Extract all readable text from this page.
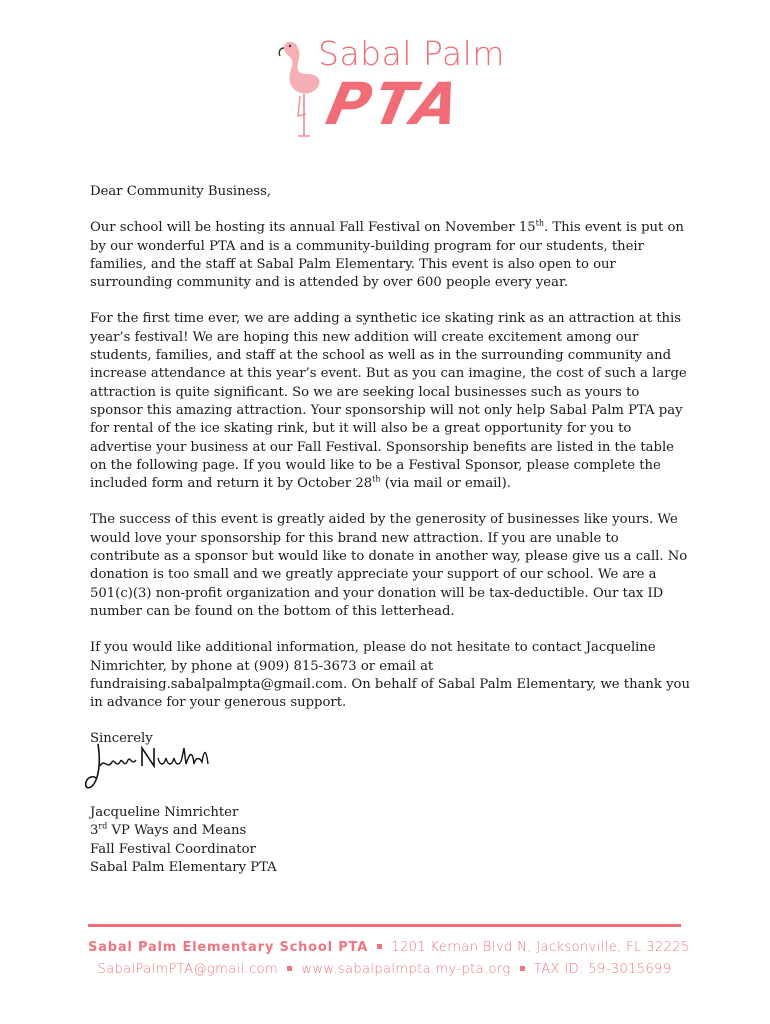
Sabal Palm
PTA

Dear Community Business,

Our school will be hosting its annual Fall Festival on November 15th. This event is put on by our wonderful PTA and is a community-building program for our students, their families, and the staff at Sabal Palm Elementary. This event is also open to our surrounding community and is attended by over 600 people every year.

For the first time ever, we are adding a synthetic ice skating rink as an attraction at this year’s festival! We are hoping this new addition will create excitement among our students, families, and staff at the school as well as in the surrounding community and increase attendance at this year’s event. But as you can imagine, the cost of such a large attraction is quite significant. So we are seeking local businesses such as yours to sponsor this amazing attraction. Your sponsorship will not only help Sabal Palm PTA pay for rental of the ice skating rink, but it will also be a great opportunity for you to advertise your business at our Fall Festival. Sponsorship benefits are listed in the table on the following page. If you would like to be a Festival Sponsor, please complete the included form and return it by October 28th (via mail or email).

The success of this event is greatly aided by the generosity of businesses like yours. We would love your sponsorship for this brand new attraction. If you are unable to contribute as a sponsor but would like to donate in another way, please give us a call. No donation is too small and we greatly appreciate your support of our school. We are a 501(c)(3) non-profit organization and your donation will be tax-deductible. Our tax ID number can be found on the bottom of this letterhead.

If you would like additional information, please do not hesitate to contact Jacqueline Nimrichter, by phone at (909) 815-3673 or email at fundraising.sabalpalmpta@gmail.com. On behalf of Sabal Palm Elementary, we thank you in advance for your generous support.

Sincerely

Jacqueline Nimrichter

3rd VP Ways and Means

Fall Festival Coordinator

Sabal Palm Elementary PTA

Sabal Palm Elementary School PTA 1201 Kernan Blvd N, Jacksonville, FL 32225
SabalPalmPTA@gmail.com www.sabalpalmpta.my-pta.org TAX ID: 59-3015699
